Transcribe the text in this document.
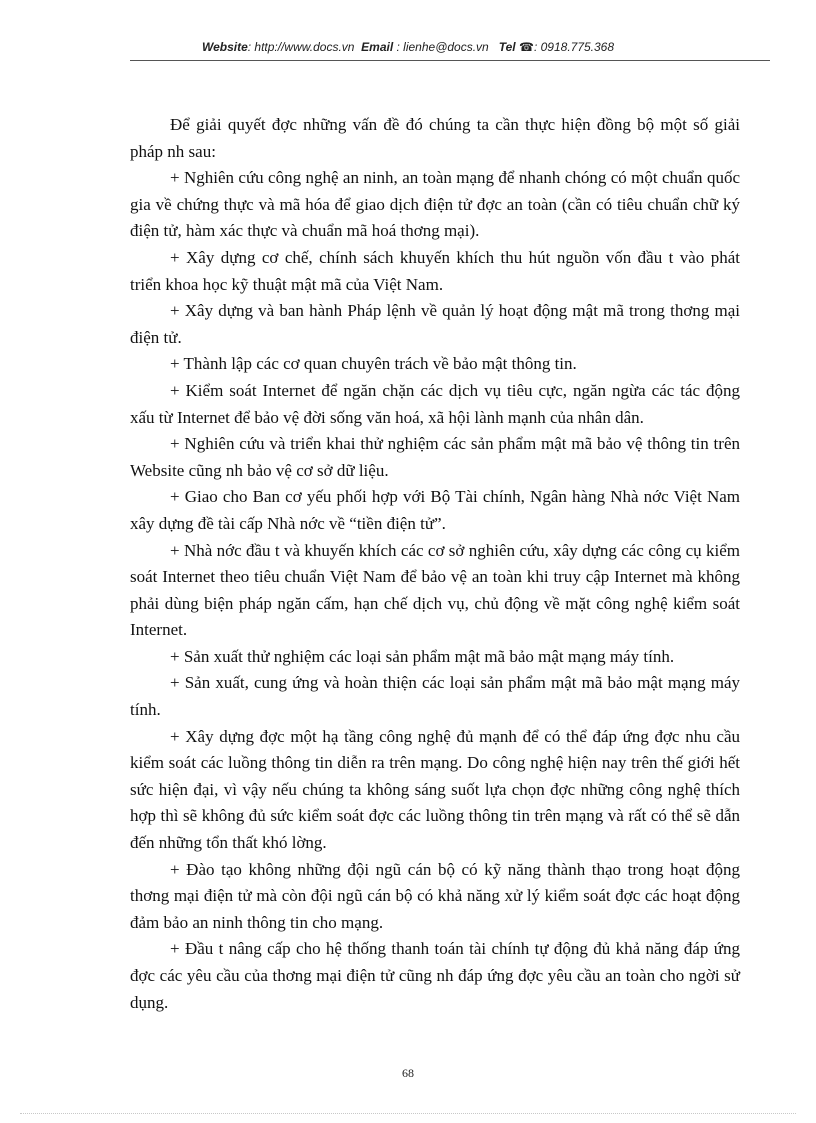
Website: http://www.docs.vn Email : lienhe@docs.vn Tel ☎: 0918.775.368

Để giải quyết đợc những vấn đề đó chúng ta cần thực hiện đồng bộ một số giải pháp nh sau:

+ Nghiên cứu công nghệ an ninh, an toàn mạng để nhanh chóng có một chuẩn quốc gia về chứng thực và mã hóa để giao dịch điện tử đợc an toàn (cần có tiêu chuẩn chữ ký điện tử, hàm xác thực và chuẩn mã hoá thơng mại).

+ Xây dựng cơ chế, chính sách khuyến khích thu hút nguồn vốn đầu t vào phát triển khoa học kỹ thuật mật mã của Việt Nam.

+ Xây dựng và ban hành Pháp lệnh về quản lý hoạt động mật mã trong thơng mại điện tử.

+ Thành lập các cơ quan chuyên trách về bảo mật thông tin.

+ Kiểm soát Internet để ngăn chặn các dịch vụ tiêu cực, ngăn ngừa các tác động xấu từ Internet để bảo vệ đời sống văn hoá, xã hội lành mạnh của nhân dân.

+ Nghiên cứu và triển khai thử nghiệm các sản phẩm mật mã bảo vệ thông tin trên Website cũng nh bảo vệ cơ sở dữ liệu.

+ Giao cho Ban cơ yếu phối hợp với Bộ Tài chính, Ngân hàng Nhà nớc Việt Nam xây dựng đề tài cấp Nhà nớc về “tiền điện tử”.

+ Nhà nớc đầu t và khuyến khích các cơ sở nghiên cứu, xây dựng các công cụ kiểm soát Internet theo tiêu chuẩn Việt Nam để bảo vệ an toàn khi truy cập Internet mà không phải dùng biện pháp ngăn cấm, hạn chế dịch vụ, chủ động về mặt công nghệ kiểm soát Internet.

+ Sản xuất thử nghiệm các loại sản phẩm mật mã bảo mật mạng máy tính.

+ Sản xuất, cung ứng và hoàn thiện các loại sản phẩm mật mã bảo mật mạng máy tính.

+ Xây dựng đợc một hạ tầng công nghệ đủ mạnh để có thể đáp ứng đợc nhu cầu kiểm soát các luồng thông tin diễn ra trên mạng. Do công nghệ hiện nay trên thế giới hết sức hiện đại, vì vậy nếu chúng ta không sáng suốt lựa chọn đợc những công nghệ thích hợp thì sẽ không đủ sức kiểm soát đợc các luồng thông tin trên mạng và rất có thể sẽ dẫn đến những tổn thất khó lờng.

+ Đào tạo không những đội ngũ cán bộ có kỹ năng thành thạo trong hoạt động thơng mại điện tử mà còn đội ngũ cán bộ có khả năng xử lý kiểm soát đợc các hoạt động đảm bảo an ninh thông tin cho mạng.

+ Đầu t nâng cấp cho hệ thống thanh toán tài chính tự động đủ khả năng đáp ứng đợc các yêu cầu của thơng mại điện tử cũng nh đáp ứng đợc yêu cầu an toàn cho ngời sử dụng.

68
